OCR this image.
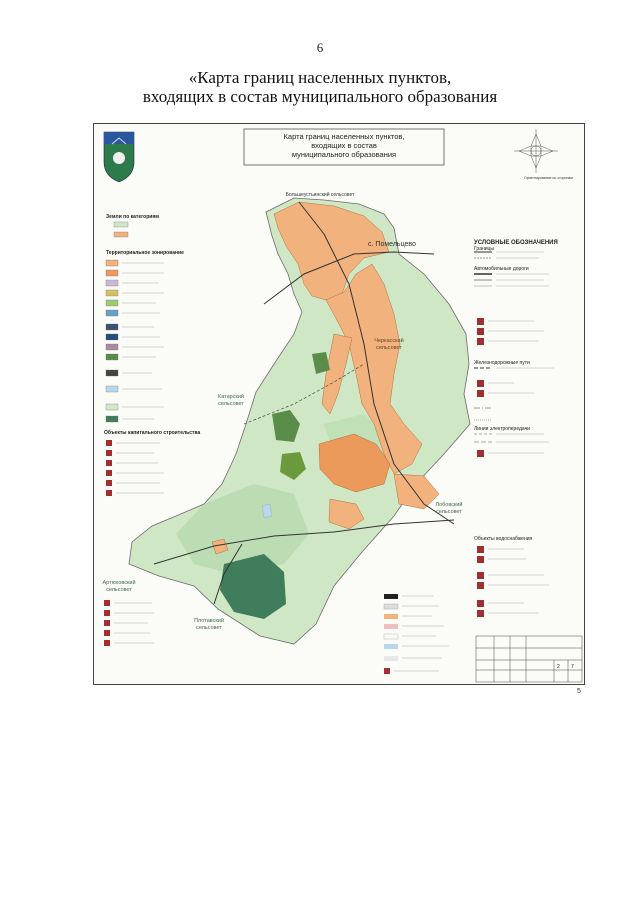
6
«Карта границ населенных пунктов,
входящих в состав муниципального образования
Карта границ населенных пунктов,
входящих в состав
муниципального образования
Ориентирование по сторонам
Большеустьинский сельсовет
с. Помельцево
Черкасский сельсовет
Катарский сельсовет
Лобовский сельсовет
Артюховский сельсовет
Плотавский сельсовет
Земли по категориям
Территориальное зонирование
Объекты капитального строительства
УСЛОВНЫЕ ОБОЗНАЧЕНИЯ
Границы
Автомобильные дороги
Железнодорожные пути
Линии электропередачи
Объекты водоснабжения
2 7
5
